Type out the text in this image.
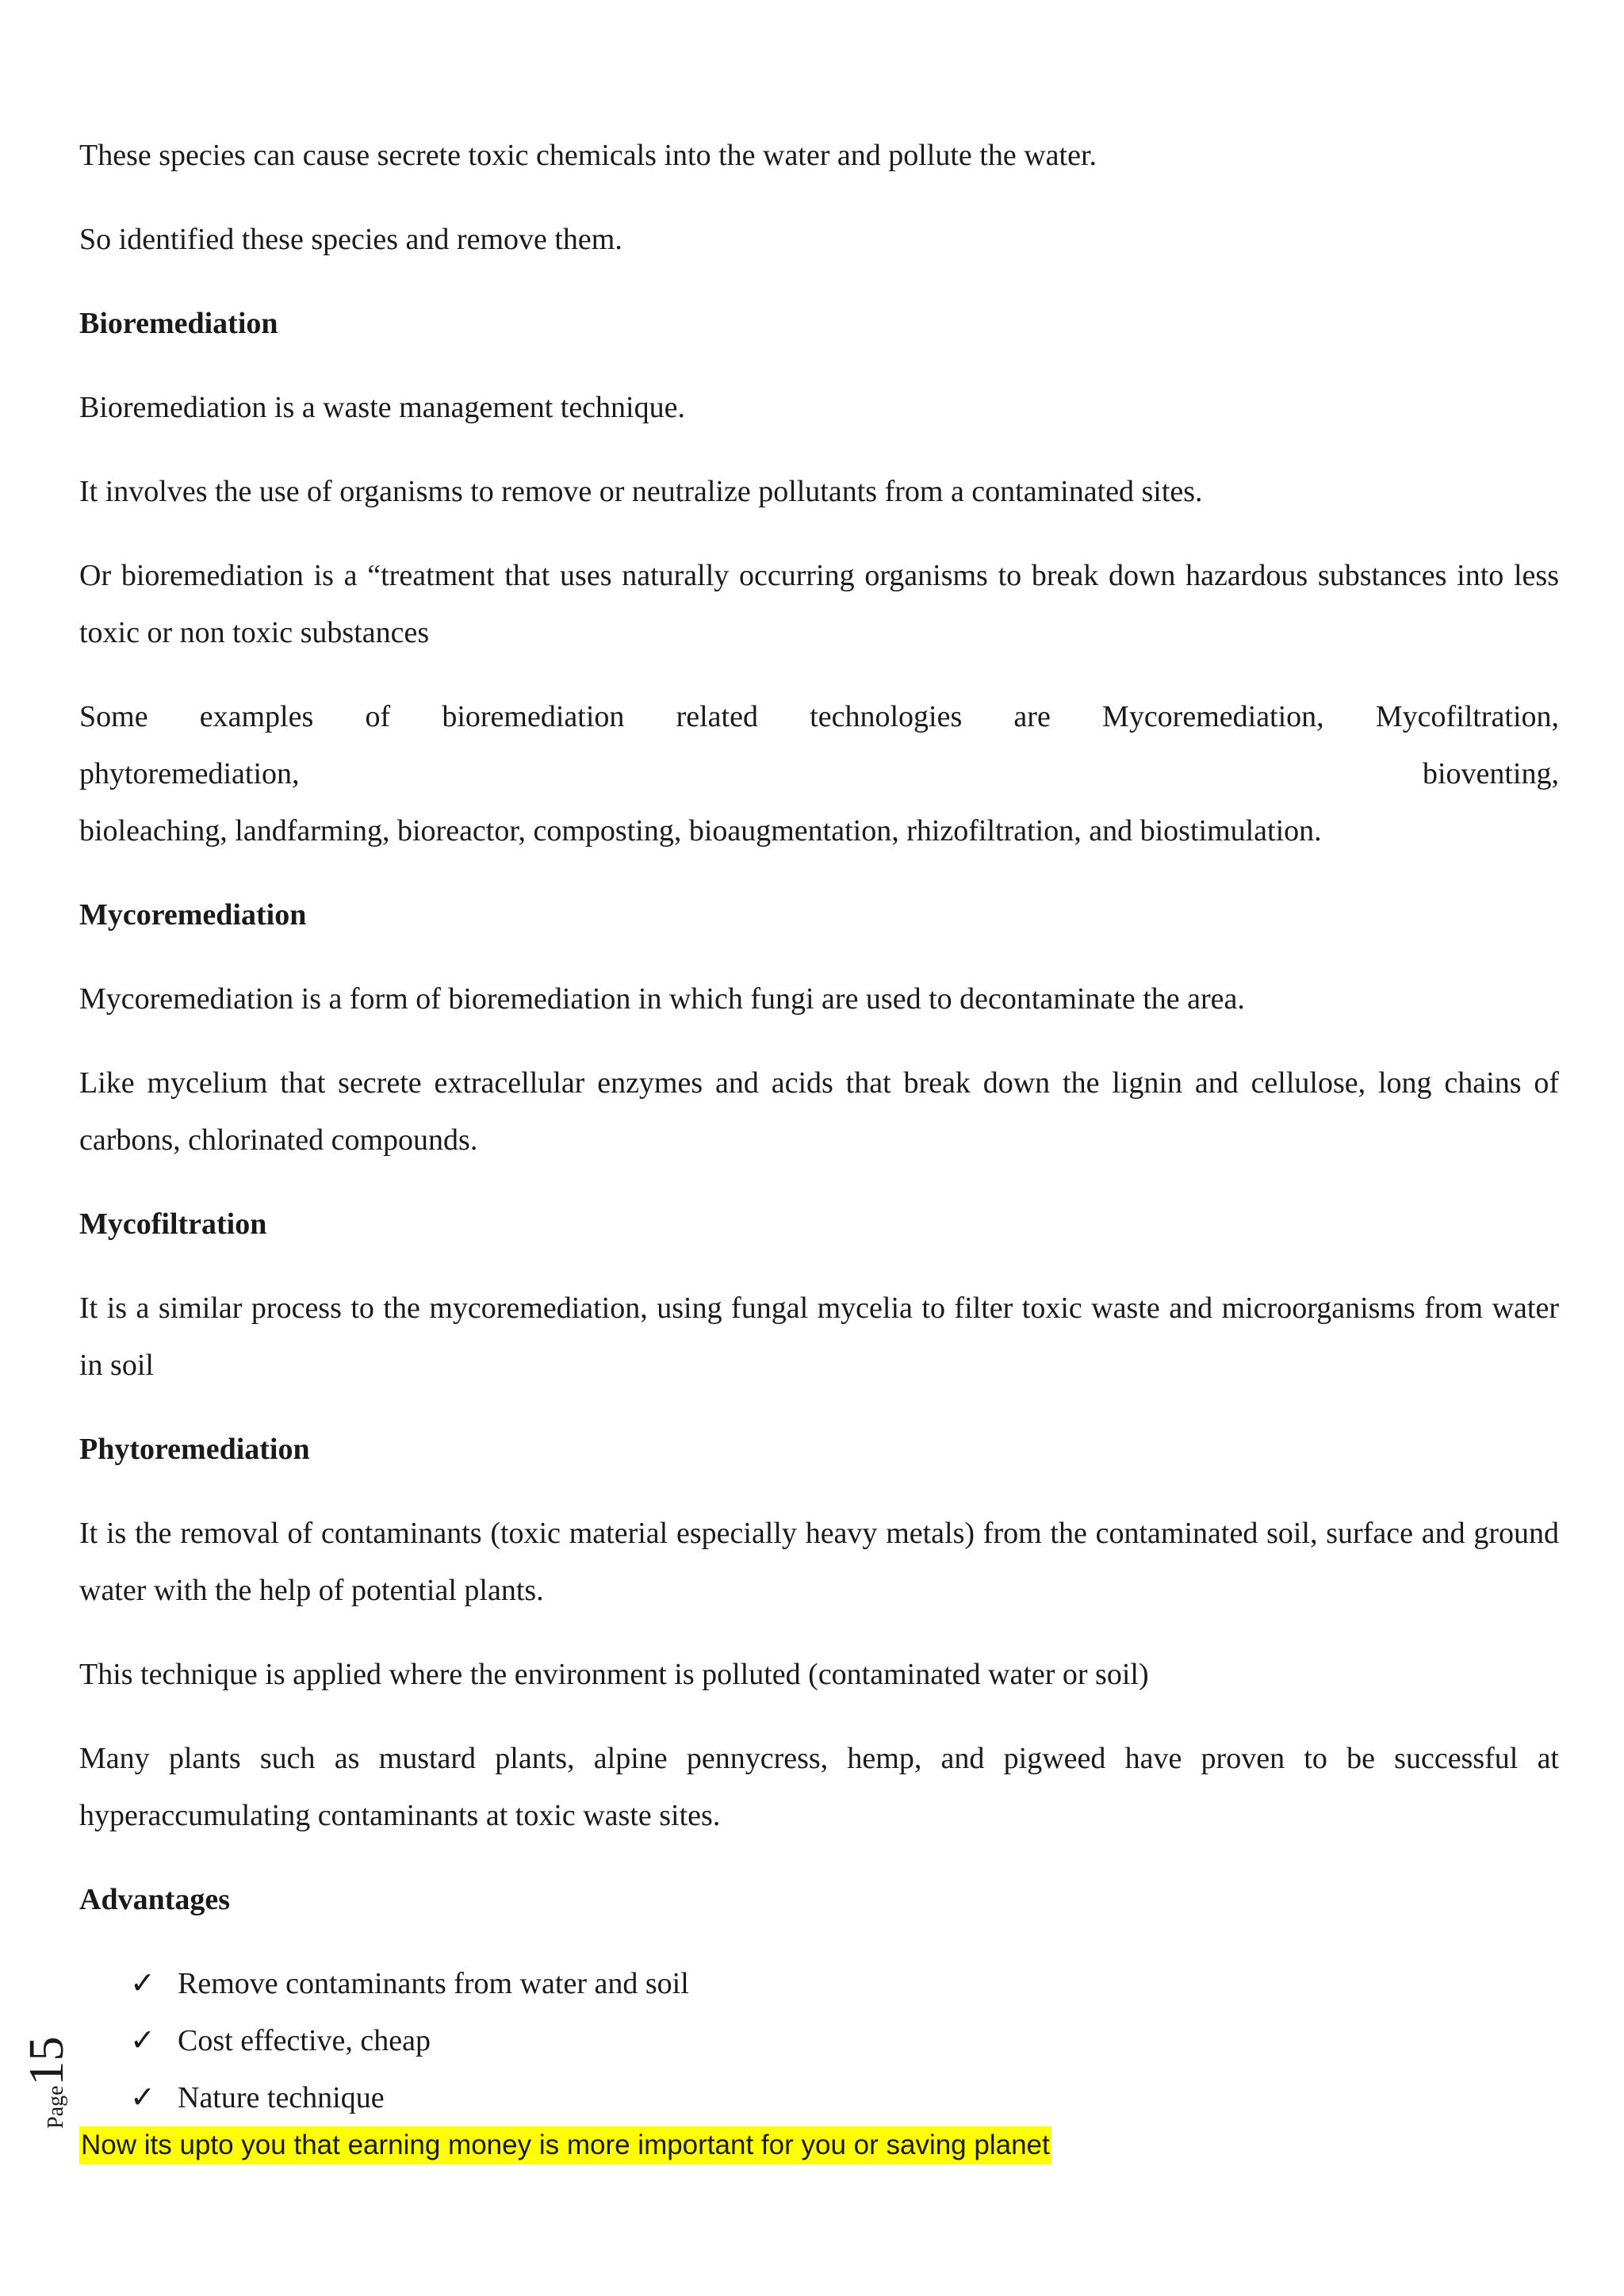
These species can cause secrete toxic chemicals into the water and pollute the water.

So identified these species and remove them.

Bioremediation

Bioremediation is a waste management technique.

It involves the use of organisms to remove or neutralize pollutants from a contaminated sites.

Or bioremediation is a “treatment that uses naturally occurring organisms to break down hazardous substances into less toxic or non toxic substances

Some examples of bioremediation related technologies are Mycoremediation, Mycofiltration,

phytoremediation,	bioventing,

bioleaching, landfarming, bioreactor, composting, bioaugmentation, rhizofiltration, and biostimulation.

Mycoremediation

Mycoremediation is a form of bioremediation in which fungi are used to decontaminate the area.

Like mycelium that secrete extracellular enzymes and acids that break down the lignin and cellulose, long chains of carbons, chlorinated compounds.

Mycofiltration

It is a similar process to the mycoremediation, using fungal mycelia to filter toxic waste and microorganisms from water in soil

Phytoremediation

It is the removal of contaminants (toxic material especially heavy metals) from the contaminated soil, surface and ground water with the help of potential plants.

This technique is applied where the environment is polluted (contaminated water or soil)

Many plants such as mustard plants, alpine pennycress, hemp, and pigweed have proven to be successful at hyperaccumulating contaminants at toxic waste sites.

Advantages

✓ Remove contaminants from water and soil
✓ Cost effective, cheap
✓ Nature technique
Now its upto you that earning money is more important for you or saving planet
Page15
